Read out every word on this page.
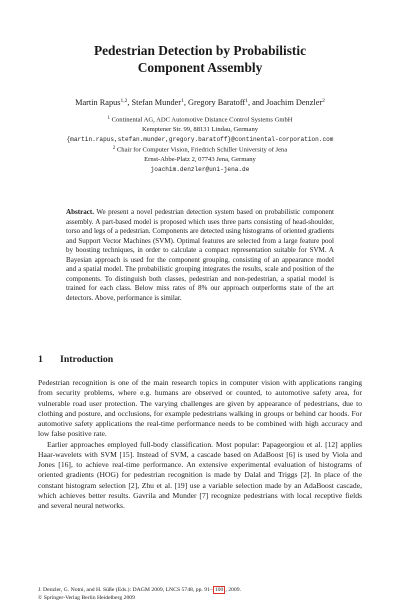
Pedestrian Detection by Probabilistic
Component Assembly
Martin Rapus$^{1,2}$, Stefan Munder$^1$, Gregory Baratoff$^1$, and Joachim Denzler$^2$
$^1$ Continental AG, ADC Automotive Distance Control Systems GmbH
Kemptener Str. 99, 88131 Lindau, Germany
{martin.rapus,stefan.munder,gregory.baratoff}@continental-corporation.com
$^2$ Chair for Computer Vision, Friedrich Schiller University of Jena
Ernst-Abbe-Platz 2, 07743 Jena, Germany
joachim.denzler@uni-jena.de
Abstract. We present a novel pedestrian detection system based on probabilistic component assembly. A part-based model is proposed which uses three parts consisting of head-shoulder, torso and legs of a pedestrian. Components are detected using histograms of oriented gradients and Support Vector Machines (SVM). Optimal features are selected from a large feature pool by boosting techniques, in order to calculate a compact representation suitable for SVM. A Bayesian approach is used for the component grouping, consisting of an appearance model and a spatial model. The probabilistic grouping integrates the results, scale and position of the components. To distinguish both classes, pedestrian and non-pedestrian, a spatial model is trained for each class. Below miss rates of 8% our approach outperforms state of the art detectors. Above, performance is similar.
1 Introduction

Pedestrian recognition is one of the main research topics in computer vision with applications ranging from security problems, where e.g. humans are observed or counted, to automotive safety area, for vulnerable road user protection. The varying challenges are given by appearance of pedestrians, due to clothing and posture, and occlusions, for example pedestrians walking in groups or behind car hoods. For automotive safety applications the real-time performance needs to be combined with high accuracy and low false positive rate.

Earlier approaches employed full-body classification. Most popular: Papageorgiou et al. [12] applies Haar-wavelets with SVM [15]. Instead of SVM, a cascade based on AdaBoost [6] is used by Viola and Jones [16], to achieve real-time performance. An extensive experimental evaluation of histograms of oriented gradients (HOG) for pedestrian recognition is made by Dalal and Triggs [2]. In place of the constant histogram selection [2], Zhu et al. [19] use a variable selection made by an AdaBoost cascade, which achieves better results. Gavrila and Munder [7] recognize pedestrians with local receptive fields and several neural networks.

J. Denzler, G. Notni, and H. Süße (Eds.): DAGM 2009, LNCS 5748, pp. 91– 100 , 2009.
© Springer-Verlag Berlin Heidelberg 2009
